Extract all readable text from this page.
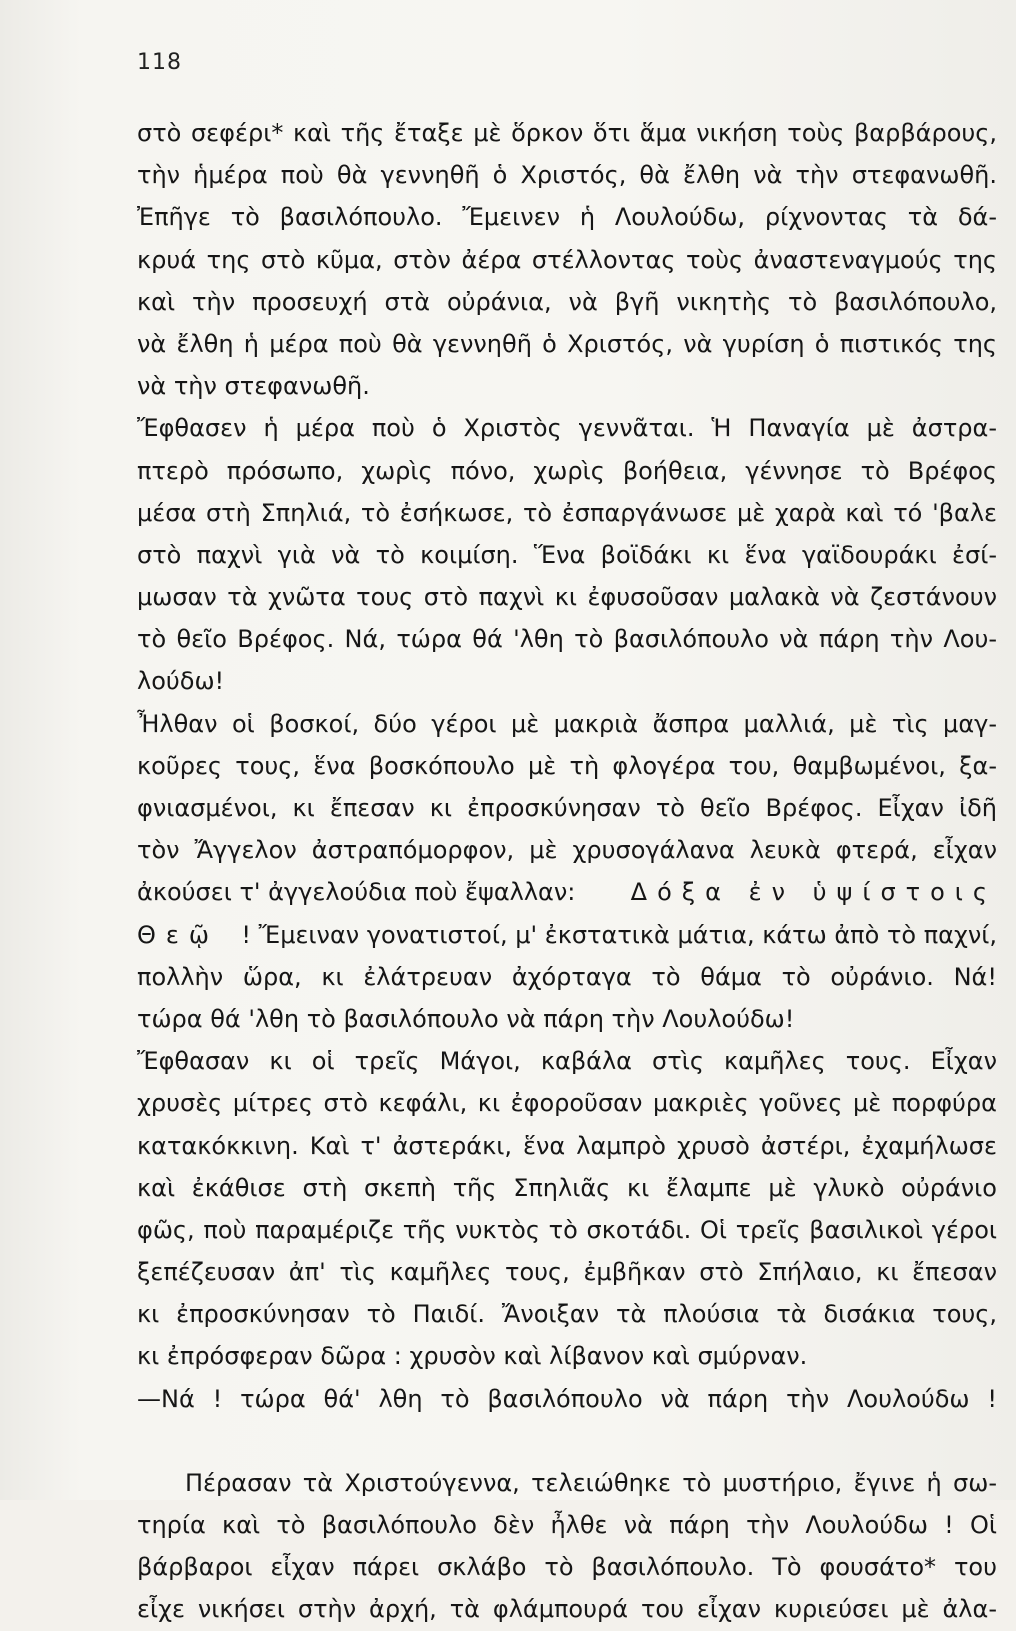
118
στὸ σεφέρι* καὶ τῆς ἔταξε μὲ ὅρκον ὅτι ἅμα νικήση τοὺς βαρβάρους,
τὴν ἡμέρα ποὺ θὰ γεννηθῆ ὁ Χριστός, θὰ ἔλθη νὰ τὴν στεφανωθῆ.
Ἐπῆγε τὸ βασιλόπουλο. Ἔμεινεν ἡ Λουλούδω, ρίχνοντας τὰ δά-
κρυά της στὸ κῦμα, στὸν ἀέρα στέλλοντας τοὺς ἀναστεναγμούς της
καὶ τὴν προσευχή στὰ οὐράνια, νὰ βγῆ νικητὴς τὸ βασιλόπουλο,
νὰ ἔλθη ἡ μέρα ποὺ θὰ γεννηθῆ ὁ Χριστός, νὰ γυρίση ὁ πιστικός της
νὰ τὴν στεφανωθῆ.
Ἔφθασεν ἡ μέρα ποὺ ὁ Χριστὸς γεννᾶται. Ἡ Παναγία μὲ ἀστρα-
πτερὸ πρόσωπο, χωρὶς πόνο, χωρὶς βοήθεια, γέννησε τὸ Βρέφος
μέσα στὴ Σπηλιά, τὸ ἐσήκωσε, τὸ ἐσπαργάνωσε μὲ χαρὰ καὶ τό 'βαλε
στὸ παχνὶ γιὰ νὰ τὸ κοιμίση. Ἕνα βοϊδάκι κι ἕνα γαϊδουράκι ἐσί-
μωσαν τὰ χνῶτα τους στὸ παχνὶ κι ἐφυσοῦσαν μαλακὰ νὰ ζεστάνουν
τὸ θεῖο Βρέφος. Νά, τώρα θά 'λθη τὸ βασιλόπουλο νὰ πάρη τὴν Λου-
λούδω!
Ἦλθαν οἱ βοσκοί, δύο γέροι μὲ μακριὰ ἄσπρα μαλλιά, μὲ τὶς μαγ-
κοῦρες τους, ἕνα βοσκόπουλο μὲ τὴ φλογέρα του, θαμβωμένοι, ξα-
φνιασμένοι, κι ἔπεσαν κι ἐπροσκύνησαν τὸ θεῖο Βρέφος. Εἶχαν ἰδῆ
τὸν Ἄγγελον ἀστραπόμορφον, μὲ χρυσογάλανα λευκὰ φτερά, εἶχαν
ἀκούσει τ' ἀγγελούδια ποὺ ἔψαλλαν: Δόξα ἐν ὑψίστοις
Θεῷ ! Ἔμειναν γονατιστοί, μ' ἐκστατικὰ μάτια, κάτω ἀπὸ τὸ παχνί,
πολλὴν ὥρα, κι ἐλάτρευαν ἀχόρταγα τὸ θάμα τὸ οὐράνιο. Νά!
τώρα θά 'λθη τὸ βασιλόπουλο νὰ πάρη τὴν Λουλούδω!
Ἔφθασαν κι οἱ τρεῖς Μάγοι, καβάλα στὶς καμῆλες τους. Εἶχαν
χρυσὲς μίτρες στὸ κεφάλι, κι ἐφοροῦσαν μακριὲς γοῦνες μὲ πορφύρα
κατακόκκινη. Καὶ τ' ἀστεράκι, ἕνα λαμπρὸ χρυσὸ ἀστέρι, ἐχαμήλωσε
καὶ ἐκάθισε στὴ σκεπὴ τῆς Σπηλιᾶς κι ἔλαμπε μὲ γλυκὸ οὐράνιο
φῶς, ποὺ παραμέριζε τῆς νυκτὸς τὸ σκοτάδι. Οἱ τρεῖς βασιλικοὶ γέροι
ξεπέζευσαν ἀπ' τὶς καμῆλες τους, ἐμβῆκαν στὸ Σπήλαιο, κι ἔπεσαν
κι ἐπροσκύνησαν τὸ Παιδί. Ἄνοιξαν τὰ πλούσια τὰ δισάκια τους,
κι ἐπρόσφεραν δῶρα : χρυσὸν καὶ λίβανον καὶ σμύρναν.
—Νά ! τώρα θά' λθη τὸ βασιλόπουλο νὰ πάρη τὴν Λουλούδω !
Πέρασαν τὰ Χριστούγεννα, τελειώθηκε τὸ μυστήριο, ἔγινε ἡ σω-
τηρία καὶ τὸ βασιλόπουλο δὲν ἦλθε νὰ πάρη τὴν Λουλούδω ! Οἱ
βάρβαροι εἶχαν πάρει σκλάβο τὸ βασιλόπουλο. Τὸ φουσάτο* του
εἶχε νικήσει στὴν ἀρχή, τὰ φλάμπουρά του εἶχαν κυριεύσει μὲ ἀλα-
